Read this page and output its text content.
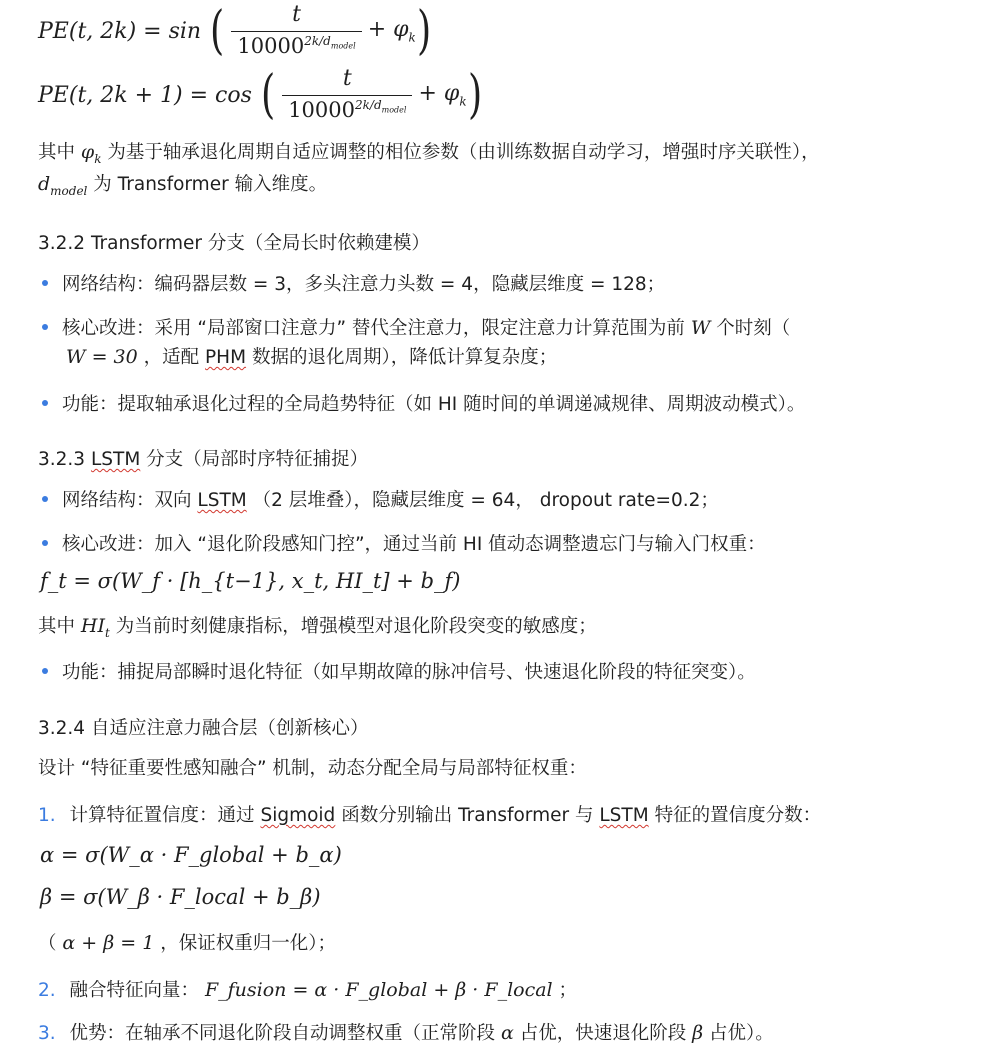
PE(t, 2k) = sin ( $\frac{t}{10000^{2k/d_{model}}} + \varphi_k$ )
PE(t, 2k + 1) = cos ( $\frac{t}{10000^{2k/d_{model}}} + \varphi_k$ )
其中 $\varphi_k$ 为基于轴承退化周期自适应调整的相位参数（由训练数据自动学习，增强时序关联性），
$d_{model}$ 为 Transformer 输入维度。
3.2.2 Transformer 分支（全局长时依赖建模）
网络结构：编码器层数 = 3，多头注意力头数 = 4，隐藏层维度 = 128；
核心改进：采用 “局部窗口注意力” 替代全注意力，限定注意力计算范围为前 W 个时刻（
W = 30 ，适配 PHM 数据的退化周期），降低计算复杂度；
功能：提取轴承退化过程的全局趋势特征（如 HI 随时间的单调递减规律、周期波动模式）。
3.2.3 LSTM 分支（局部时序特征捕捉）
网络结构：双向 LSTM （2 层堆叠），隐藏层维度 = 64， dropout rate=0.2；
核心改进：加入 “退化阶段感知门控”，通过当前 HI 值动态调整遗忘门与输入门权重：
f_t = σ(W_f · [h_{t−1}, x_t, HI_t] + b_f)
其中 $HI_t$ 为当前时刻健康指标，增强模型对退化阶段突变的敏感度；
功能：捕捉局部瞬时退化特征（如早期故障的脉冲信号、快速退化阶段的特征突变）。
3.2.4 自适应注意力融合层（创新核心）
设计 “特征重要性感知融合” 机制，动态分配全局与局部特征权重：
1. 计算特征置信度：通过 Sigmoid 函数分别输出 Transformer 与 LSTM 特征的置信度分数：
α = σ(W_α · F_global + b_α)
β = σ(W_β · F_local + b_β)
（ α + β = 1 ，保证权重归一化）；
2. 融合特征向量： F_fusion = α · F_global + β · F_local ；
3. 优势：在轴承不同退化阶段自动调整权重（正常阶段 α 占优，快速退化阶段 β 占优）。
